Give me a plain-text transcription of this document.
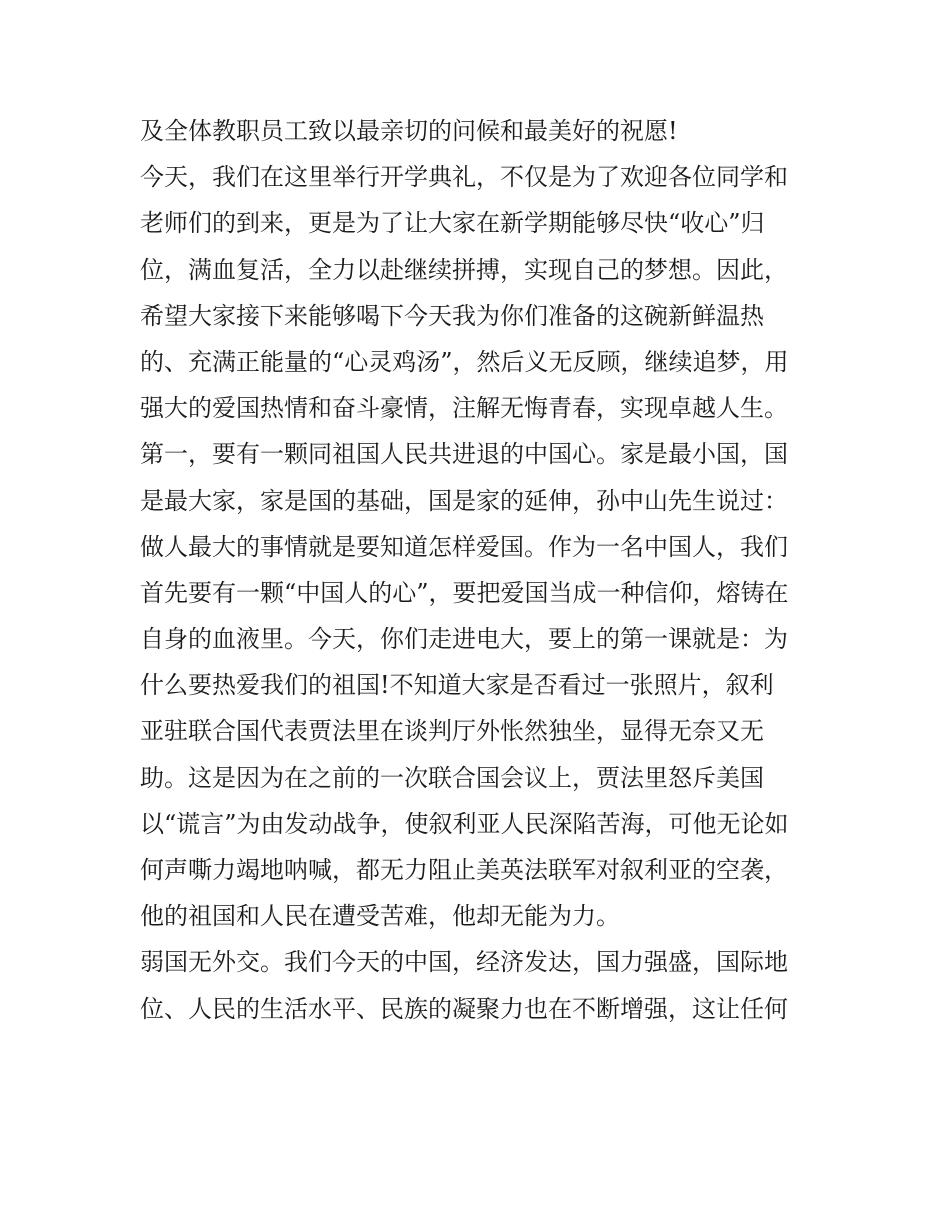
及全体教职员工致以最亲切的问候和最美好的祝愿!
今天，我们在这里举行开学典礼，不仅是为了欢迎各位同学和
老师们的到来，更是为了让大家在新学期能够尽快“收心”归
位，满血复活，全力以赴继续拼搏，实现自己的梦想。因此，
希望大家接下来能够喝下今天我为你们准备的这碗新鲜温热
的、充满正能量的“心灵鸡汤”，然后义无反顾，继续追梦，用
强大的爱国热情和奋斗豪情，注解无悔青春，实现卓越人生。
第一，要有一颗同祖国人民共进退的中国心。家是最小国，国
是最大家，家是国的基础，国是家的延伸，孙中山先生说过：
做人最大的事情就是要知道怎样爱国。作为一名中国人，我们
首先要有一颗“中国人的心”，要把爱国当成一种信仰，熔铸在
自身的血液里。今天，你们走进电大，要上的第一课就是：为
什么要热爱我们的祖国!不知道大家是否看过一张照片，叙利
亚驻联合国代表贾法里在谈判厅外怅然独坐，显得无奈又无
助。这是因为在之前的一次联合国会议上，贾法里怒斥美国
以“谎言”为由发动战争，使叙利亚人民深陷苦海，可他无论如
何声嘶力竭地呐喊，都无力阻止美英法联军对叙利亚的空袭，
他的祖国和人民在遭受苦难，他却无能为力。
弱国无外交。我们今天的中国，经济发达，国力强盛，国际地
位、人民的生活水平、民族的凝聚力也在不断增强，这让任何
